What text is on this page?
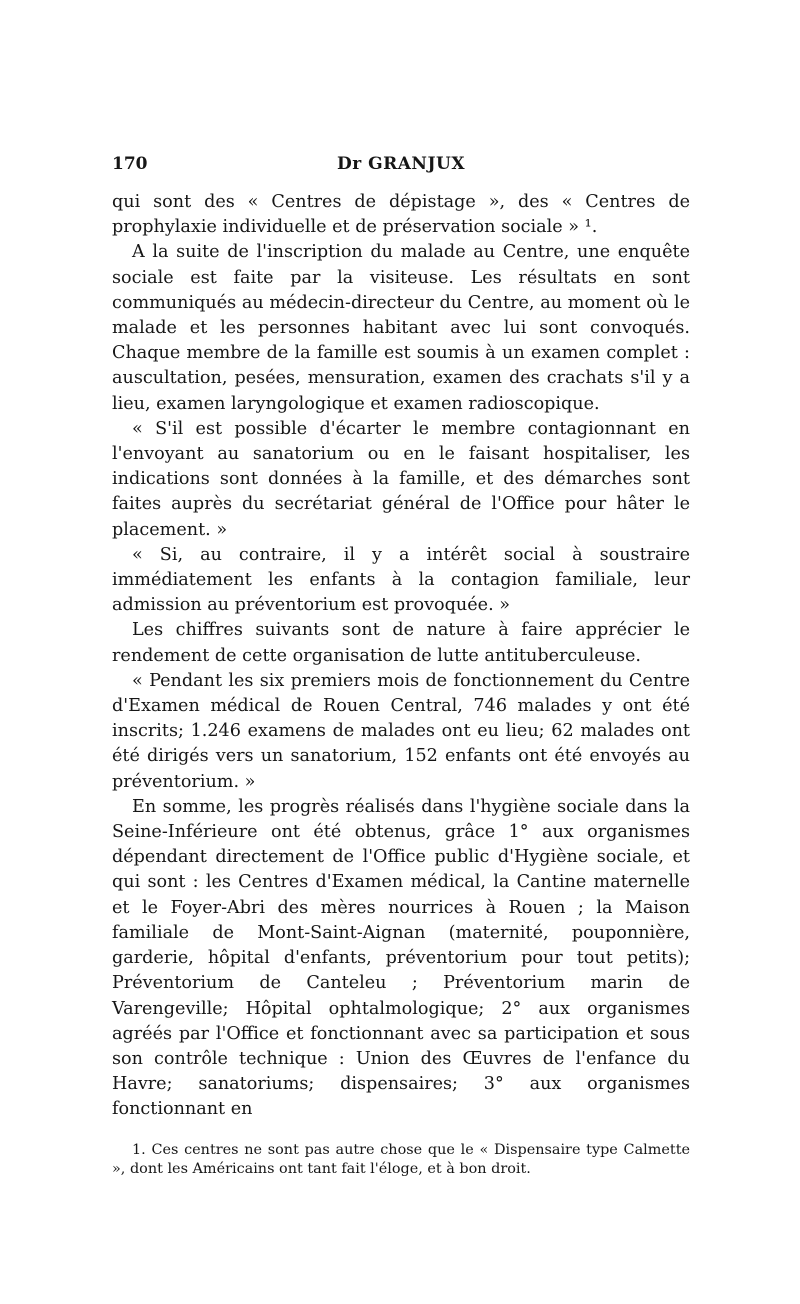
170	Dr GRANJUX

qui sont des « Centres de dépistage », des « Centres de prophylaxie individuelle et de préservation sociale » ¹.

A la suite de l'inscription du malade au Centre, une enquête sociale est faite par la visiteuse. Les résultats en sont communiqués au médecin-directeur du Centre, au moment où le malade et les personnes habitant avec lui sont convoqués. Chaque membre de la famille est soumis à un examen complet : auscultation, pesées, mensuration, examen des crachats s'il y a lieu, examen laryngologique et examen radioscopique.

« S'il est possible d'écarter le membre contagionnant en l'envoyant au sanatorium ou en le faisant hospitaliser, les indications sont données à la famille, et des démarches sont faites auprès du secrétariat général de l'Office pour hâter le placement. »

« Si, au contraire, il y a intérêt social à soustraire immédiatement les enfants à la contagion familiale, leur admission au préventorium est provoquée. »

Les chiffres suivants sont de nature à faire apprécier le rendement de cette organisation de lutte antituberculeuse.

« Pendant les six premiers mois de fonctionnement du Centre d'Examen médical de Rouen Central, 746 malades y ont été inscrits; 1.246 examens de malades ont eu lieu; 62 malades ont été dirigés vers un sanatorium, 152 enfants ont été envoyés au préventorium. »

En somme, les progrès réalisés dans l'hygiène sociale dans la Seine-Inférieure ont été obtenus, grâce 1° aux organismes dépendant directement de l'Office public d'Hygiène sociale, et qui sont : les Centres d'Examen médical, la Cantine maternelle et le Foyer-Abri des mères nourrices à Rouen ; la Maison familiale de Mont-Saint-Aignan (maternité, pouponnière, garderie, hôpital d'enfants, préventorium pour tout petits); Préventorium de Canteleu ; Préventorium marin de Varengeville; Hôpital ophtalmologique; 2° aux organismes agréés par l'Office et fonctionnant avec sa participation et sous son contrôle technique : Union des Œuvres de l'enfance du Havre; sanatoriums; dispensaires; 3° aux organismes fonctionnant en

1. Ces centres ne sont pas autre chose que le « Dispensaire type Calmette », dont les Américains ont tant fait l'éloge, et à bon droit.
